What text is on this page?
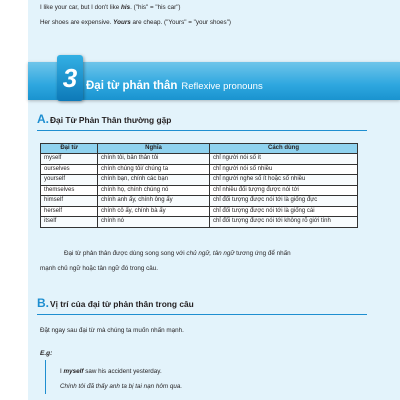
I like your car, but I don't like his. ("his" = "his car")
Her shoes are expensive. Yours are cheap. ("Yours" = "your shoes")
3 Đại từ phản thân Reflexive pronouns
A. Đại Từ Phản Thân thường gặp
Đại từ	Nghĩa	Cách dùng
myself	chính tôi, bản thân tôi	chỉ người nói số ít
ourselves	chính chúng tôi/ chúng ta	chỉ người nói số nhiều
yourself	chính bạn, chính các bạn	chỉ người nghe số ít hoặc số nhiều
themselves	chính họ, chính chúng nó	chỉ nhiều đối tượng được nói tới
himself	chính anh ấy, chính ông ấy	chỉ đối tượng được nói tới là giống đực
herself	chính cô ấy, chính bà ấy	chỉ đối tượng được nói tới là giống cái
itself	chính nó	chỉ đối tượng được nói tới không rõ giới tính
Đại từ phản thân được dùng song song với chủ ngữ, tân ngữ tương ứng để nhấn
mạnh chủ ngữ hoặc tân ngữ đó trong câu.
B. Vị trí của đại từ phản thân trong câu
Đặt ngay sau đại từ mà chúng ta muốn nhấn mạnh.
E.g:
I myself saw his accident yesterday.
Chính tôi đã thấy anh ta bị tai nạn hôm qua.
